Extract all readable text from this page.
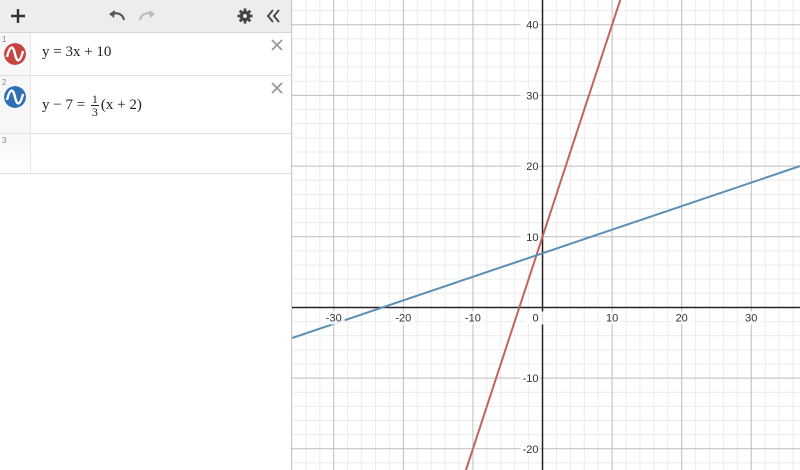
1
y = 3x + 10
2
$y - 7 = \frac{1}{3} (x + 2)$
3
-30	-20	-10	0	10	20	30
40
30
20
10
-10
-20
